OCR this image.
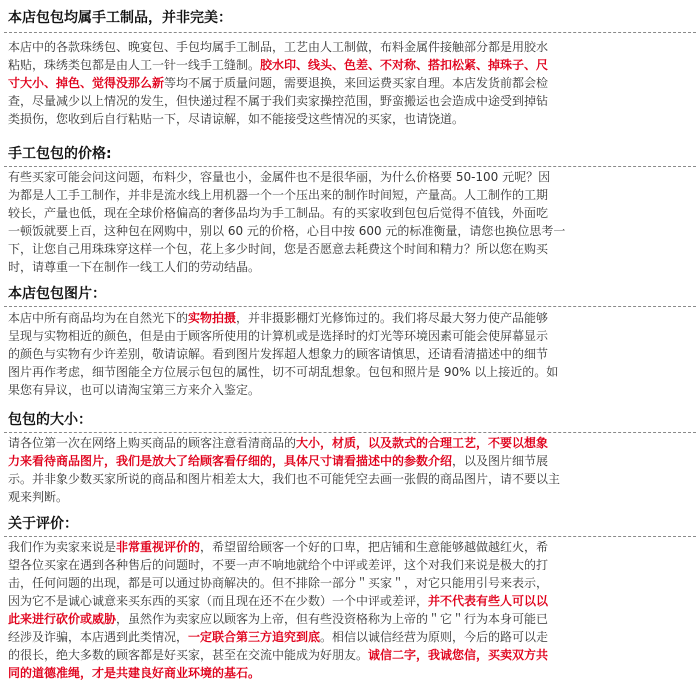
本店包包均属手工制品，并非完美：
本店中的各款珠绣包、晚宴包、手包均属手工制品，工艺由人工制做，布料金属件接触部分都是用胶水
粘贴，珠绣类包都是由人工一针一线手工缝制。胶水印、线头、色差、不对称、搭扣松紧、掉珠子、尺
寸大小、掉色、觉得没那么新等均不属于质量问题，需要退换，来回运费买家自理。本店发货前都会检
查，尽量减少以上情况的发生，但快递过程不属于我们卖家操控范围，野蛮搬运也会造成中途受到掉钻
类损伤，您收到后自行粘贴一下，尽请谅解，如不能接受这些情况的买家，也请饶道。
手工包包的价格:
有些买家可能会问这问题，布料少，容量也小，金属件也不是很华丽，为什么价格要 50-100 元呢？因
为都是人工手工制作，并非是流水线上用机器一个一个压出来的制作时间短，产量高。人工制作的工期
较长，产量也低，现在全球价格偏高的奢侈品均为手工制品。有的买家收到包包后觉得不值钱，外面吃
一顿饭就要上百，这种包在网购中，别以 60 元的价格，心目中按 600 元的标准衡量，请您也换位思考一
下，让您自己用珠珠穿这样一个包，花上多少时间，您是否愿意去耗费这个时间和精力？所以您在购买
时，请尊重一下在制作一线工人们的劳动结晶。
本店包包图片：
本店中所有商品均为在自然光下的实物拍摄，并非摄影棚灯光修饰过的。我们将尽最大努力使产品能够
呈现与实物相近的颜色，但是由于顾客所使用的计算机或是选择时的灯光等环境因素可能会使屏幕显示
的颜色与实物有少许差别，敬请谅解。看到图片发挥超人想象力的顾客请慎思，还请看清描述中的细节
图片再作考虑，细节图能全方位展示包包的属性，切不可胡乱想象。包包和照片是 90% 以上接近的。如
果您有异议，也可以请淘宝第三方来介入鉴定。
包包的大小：
请各位第一次在网络上购买商品的顾客注意看清商品的大小，材质，以及款式的合理工艺，不要以想象
力来看待商品图片，我们是放大了给顾客看仔细的，具体尺寸请看描述中的参数介绍，以及图片细节展
示。并非象少数买家所说的商品和图片相差太大，我们也不可能凭空去画一张假的商品图片，请不要以主
观来判断。
关于评价：
我们作为卖家来说是非常重视评价的，希望留给顾客一个好的口卑，把店铺和生意能够越做越红火，希
望各位买家在遇到各种售后的问题时，不要一声不响地就给个中评或差评，这个对我们来说是极大的打
击，任何问题的出现，都是可以通过协商解决的。但不排除一部分＂买家＂，对它只能用引号来表示，
因为它不是诚心诚意来买东西的买家（而且现在还不在少数）一个中评或差评，并不代表有些人可以以
此来进行砍价或威胁，虽然作为卖家应以顾客为上帝，但有些没资格称为上帝的＂它＂行为本身可能已
经涉及诈骗，本店遇到此类情况，一定联合第三方追究到底。相信以诚信经营为原则，今后的路可以走
的很长，绝大多数的顾客都是好买家，甚至在交流中能成为好朋友。诚信二字，我诚您信，买卖双方共
同的道德准绳，才是共建良好商业环境的基石。
